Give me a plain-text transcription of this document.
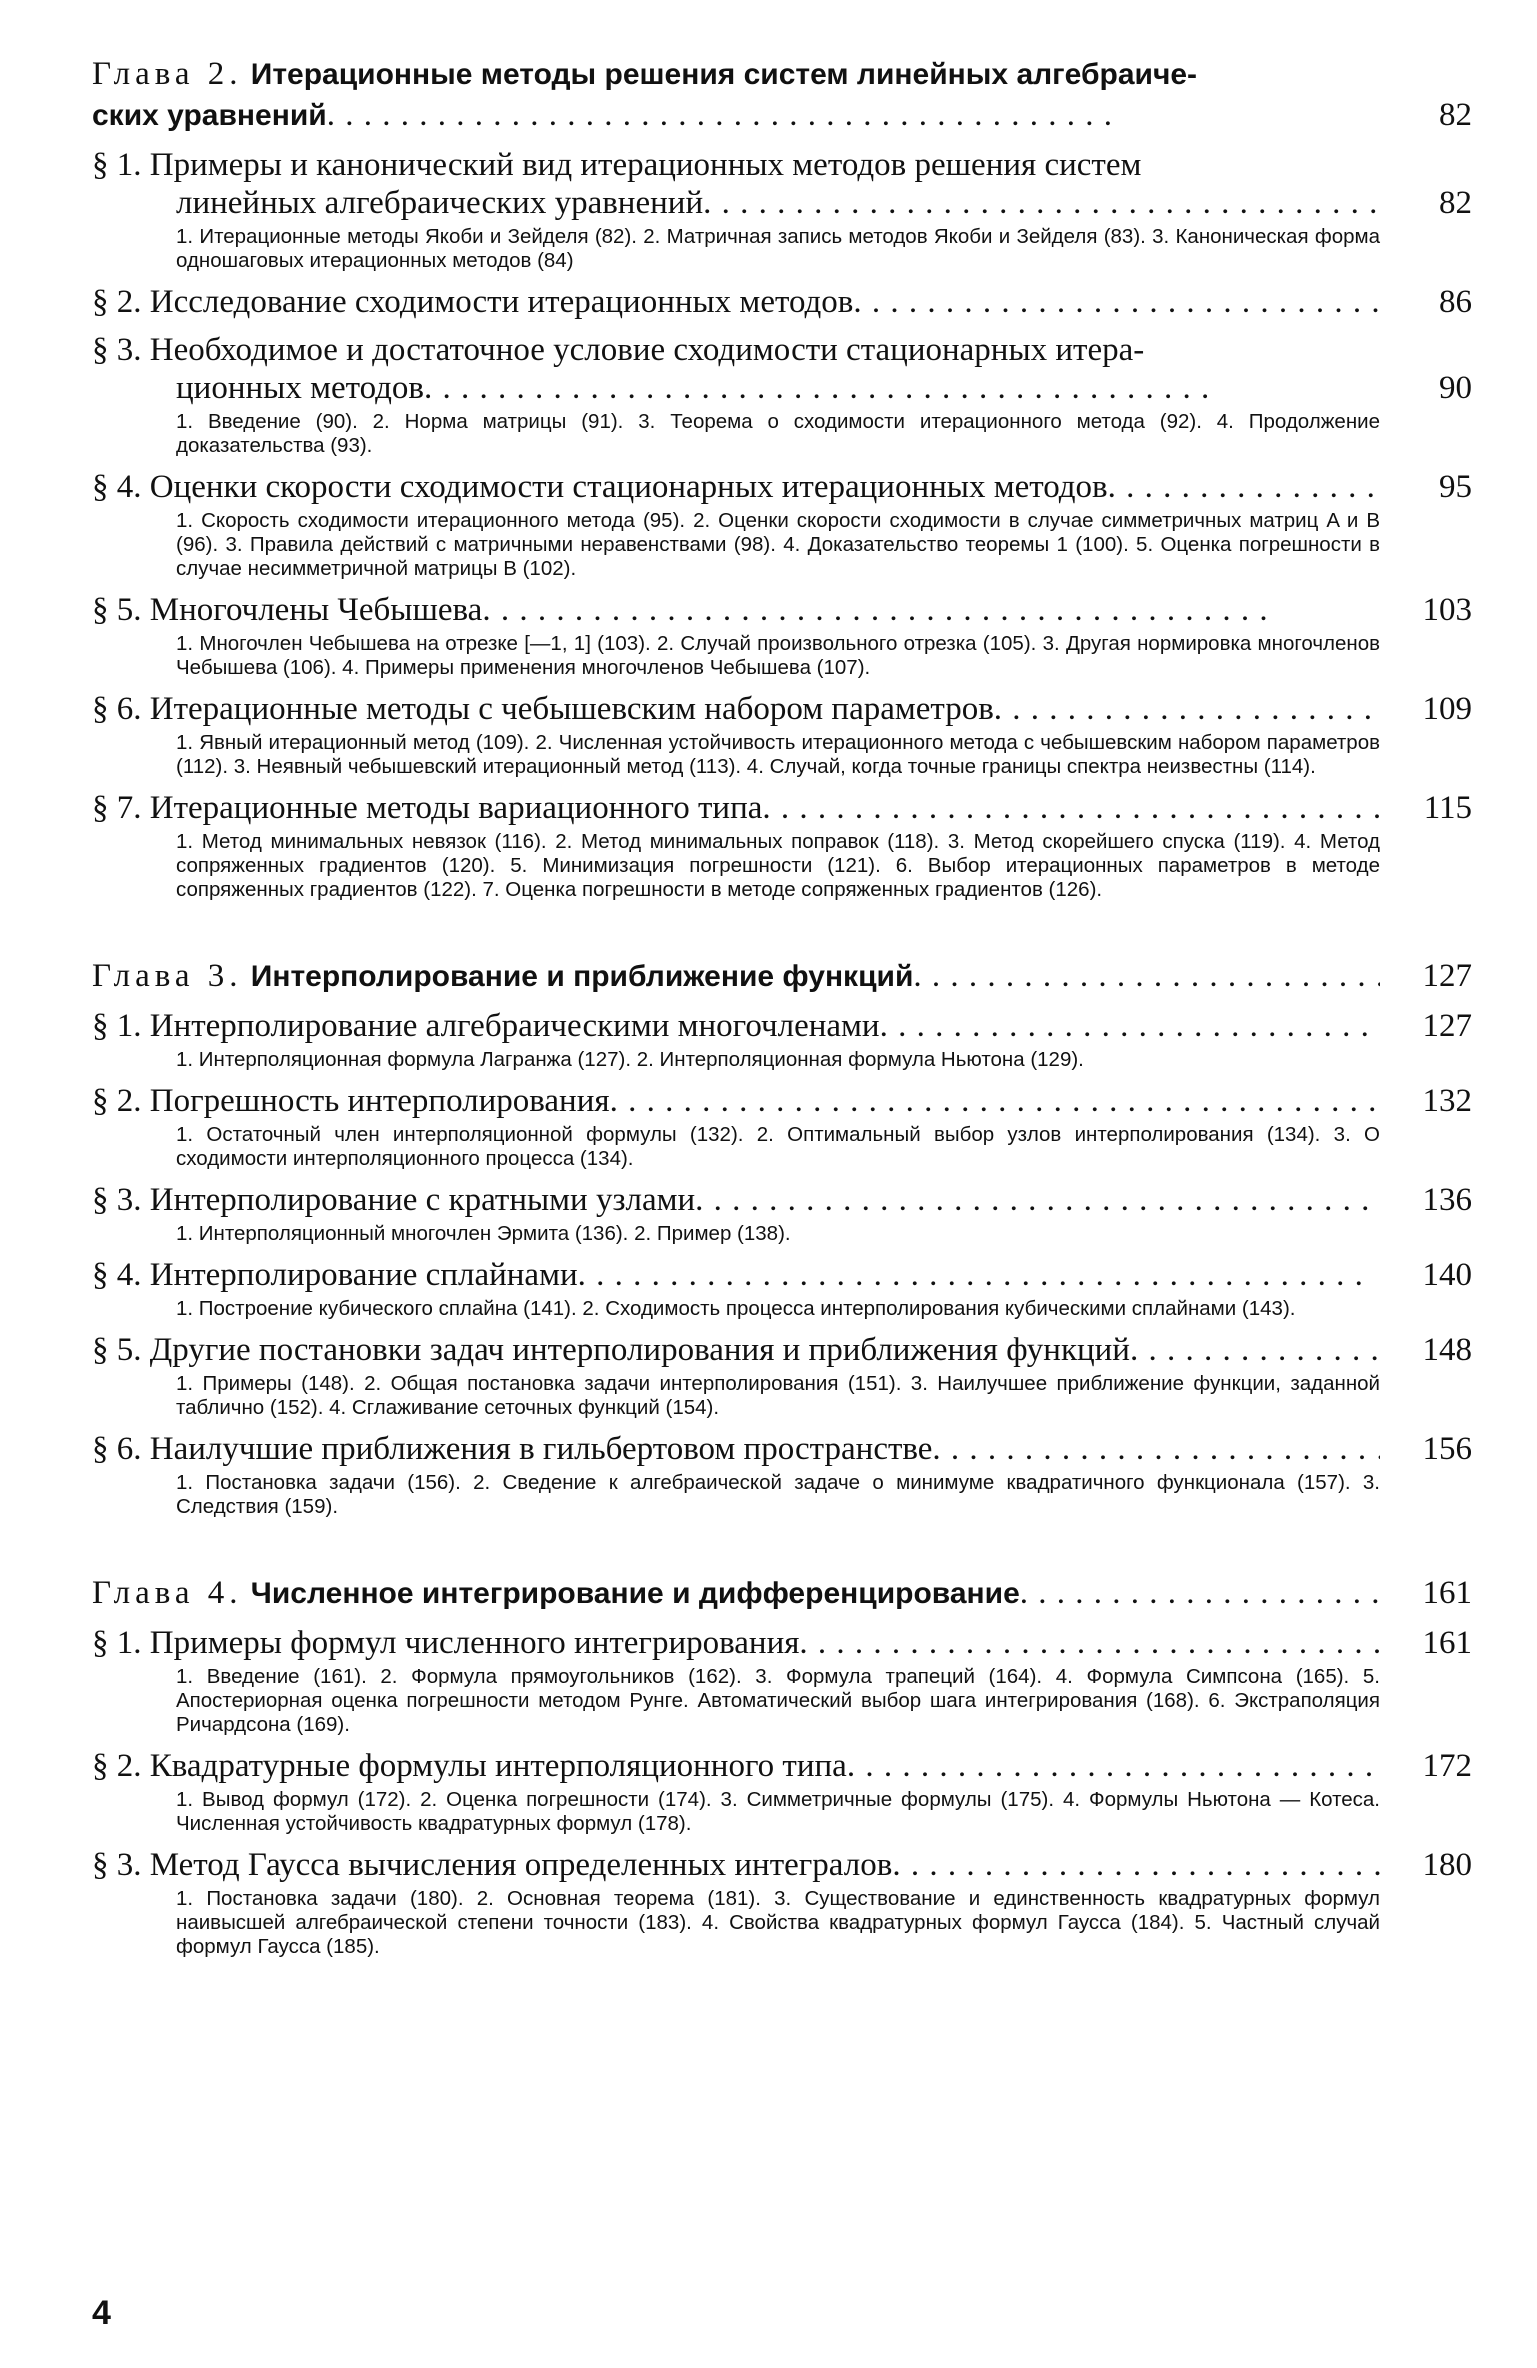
Глава 2. Итерационные методы решения систем линейных алгебраиче-
ских уравнений . .	82
§ 1. Примеры и канонический вид итерационных методов решения систем
линейных алгебраических уравнений . .	82
1. Итерационные методы Якоби и Зейделя (82). 2. Матричная запись методов Якоби и Зейделя (83). 3. Каноническая форма одношаговых итерационных методов (84)
§ 2. Исследование сходимости итерационных методов . .	86
§ 3. Необходимое и достаточное условие сходимости стационарных итера-
ционных методов . .	90
1. Введение (90). 2. Норма матрицы (91). 3. Теорема о сходимости итерационного метода (92). 4. Продолжение доказательства (93).
§ 4. Оценки скорости сходимости стационарных итерационных методов . .	95
1. Скорость сходимости итерационного метода (95). 2. Оценки скорости сходимости в случае симметричных матриц A и B (96). 3. Правила действий с матричными неравенствами (98). 4. Доказательство теоремы 1 (100). 5. Оценка погрешности в случае несимметричной матрицы B (102).
§ 5. Многочлены Чебышева . .	103
1. Многочлен Чебышева на отрезке [—1, 1] (103). 2. Случай произвольного отрезка (105). 3. Другая нормировка многочленов Чебышева (106). 4. Примеры применения многочленов Чебышева (107).
§ 6. Итерационные методы с чебышевским набором параметров . .	109
1. Явный итерационный метод (109). 2. Численная устойчивость итерационного метода с чебышевским набором параметров (112). 3. Неявный чебышевский итерационный метод (113). 4. Случай, когда точные границы спектра неизвестны (114).
§ 7. Итерационные методы вариационного типа . .	115
1. Метод минимальных невязок (116). 2. Метод минимальных поправок (118). 3. Метод скорейшего спуска (119). 4. Метод сопряженных градиентов (120). 5. Минимизация погрешности (121). 6. Выбор итерационных параметров в методе сопряженных градиентов (122). 7. Оценка погрешности в методе сопряженных градиентов (126).
Глава 3. Интерполирование и приближение функций . .	127
§ 1. Интерполирование алгебраическими многочленами . .	127
1. Интерполяционная формула Лагранжа (127). 2. Интерполяционная формула Ньютона (129).
§ 2. Погрешность интерполирования . .	132
1. Остаточный член интерполяционной формулы (132). 2. Оптимальный выбор узлов интерполирования (134). 3. О сходимости интерполяционного процесса (134).
§ 3. Интерполирование с кратными узлами . .	136
1. Интерполяционный многочлен Эрмита (136). 2. Пример (138).
§ 4. Интерполирование сплайнами . .	140
1. Построение кубического сплайна (141). 2. Сходимость процесса интерполирования кубическими сплайнами (143).
§ 5. Другие постановки задач интерполирования и приближения функций . .	148
1. Примеры (148). 2. Общая постановка задачи интерполирования (151). 3. Наилучшее приближение функции, заданной таблично (152). 4. Сглаживание сеточных функций (154).
§ 6. Наилучшие приближения в гильбертовом пространстве . .	156
1. Постановка задачи (156). 2. Сведение к алгебраической задаче о минимуме квадратичного функционала (157). 3. Следствия (159).
Глава 4. Численное интегрирование и дифференцирование . .	161
§ 1. Примеры формул численного интегрирования . .	161
1. Введение (161). 2. Формула прямоугольников (162). 3. Формула трапеций (164). 4. Формула Симпсона (165). 5. Апостериорная оценка погрешности методом Рунге. Автоматический выбор шага интегрирования (168). 6. Экстраполяция Ричардсона (169).
§ 2. Квадратурные формулы интерполяционного типа . .	172
1. Вывод формул (172). 2. Оценка погрешности (174). 3. Симметричные формулы (175). 4. Формулы Ньютона — Котеса. Численная устойчивость квадратурных формул (178).
§ 3. Метод Гаусса вычисления определенных интегралов . .	180
1. Постановка задачи (180). 2. Основная теорема (181). 3. Существование и единственность квадратурных формул наивысшей алгебраической степени точности (183). 4. Свойства квадратурных формул Гаусса (184). 5. Частный случай формул Гаусса (185).
4
